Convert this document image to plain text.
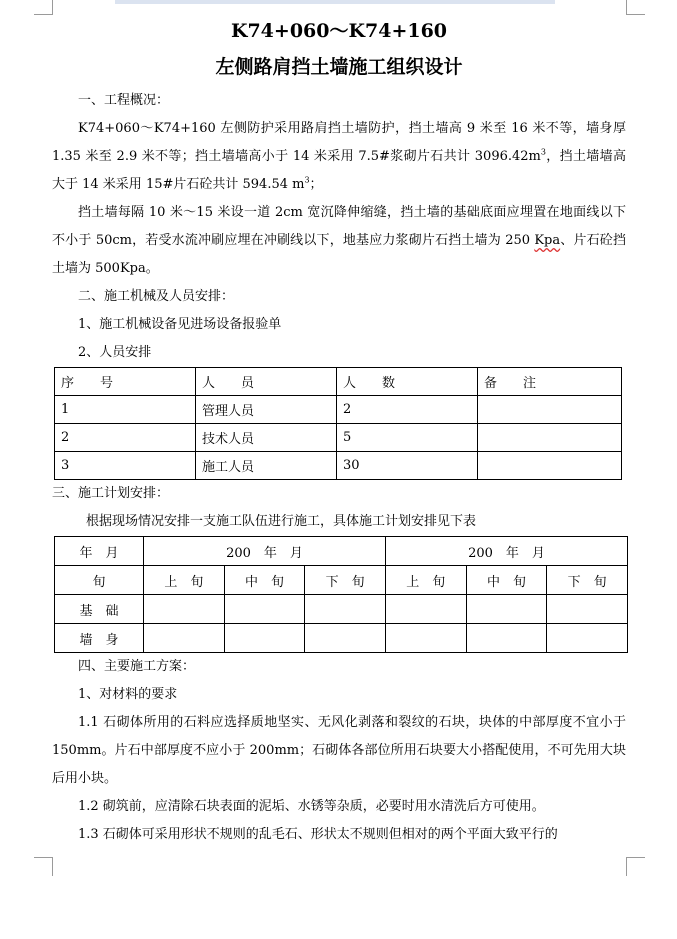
K74+060～K74+160
左侧路肩挡土墙施工组织设计

一、工程概况：

K74+060～K74+160 左侧防护采用路肩挡土墙防护，挡土墙高 9 米至 16 米不等，墙身厚 1.35 米至 2.9 米不等；挡土墙墙高小于 14 米采用 7.5#浆砌片石共计 $3096.42m^3$，挡土墙墙高大于 14 米采用 15#片石砼共计 594.54 $m^3$；

挡土墙每隔 10 米～15 米设一道 2cm 宽沉降伸缩缝，挡土墙的基础底面应埋置在地面线以下不小于 50cm，若受水流冲刷应埋在冲刷线以下，地基应力浆砌片石挡土墙为 250 Kpa、片石砼挡土墙为 500Kpa。

二、施工机械及人员安排：

1、施工机械设备见进场设备报验单

2、人员安排

序　　号	人　　员	人　　数	备　　注
1	管理人员	2	
2	技术人员	5	
3	施工人员	30	

三、施工计划安排：

根据现场情况安排一支施工队伍进行施工，具体施工计划安排见下表

年　月	200　年　月			200　年　月		
旬	上　旬	中　旬	下　旬	上　旬	中　旬	下　旬
基　础						
墙　身						

四、主要施工方案：

1、对材料的要求

1.1 石砌体所用的石料应选择质地坚实、无风化剥落和裂纹的石块，块体的中部厚度不宜小于 150mm。片石中部厚度不应小于 200mm；石砌体各部位所用石块要大小搭配使用，不可先用大块后用小块。

1.2 砌筑前，应清除石块表面的泥垢、水锈等杂质，必要时用水清洗后方可使用。

1.3 石砌体可采用形状不规则的乱毛石、形状太不规则但相对的两个平面大致平行的
